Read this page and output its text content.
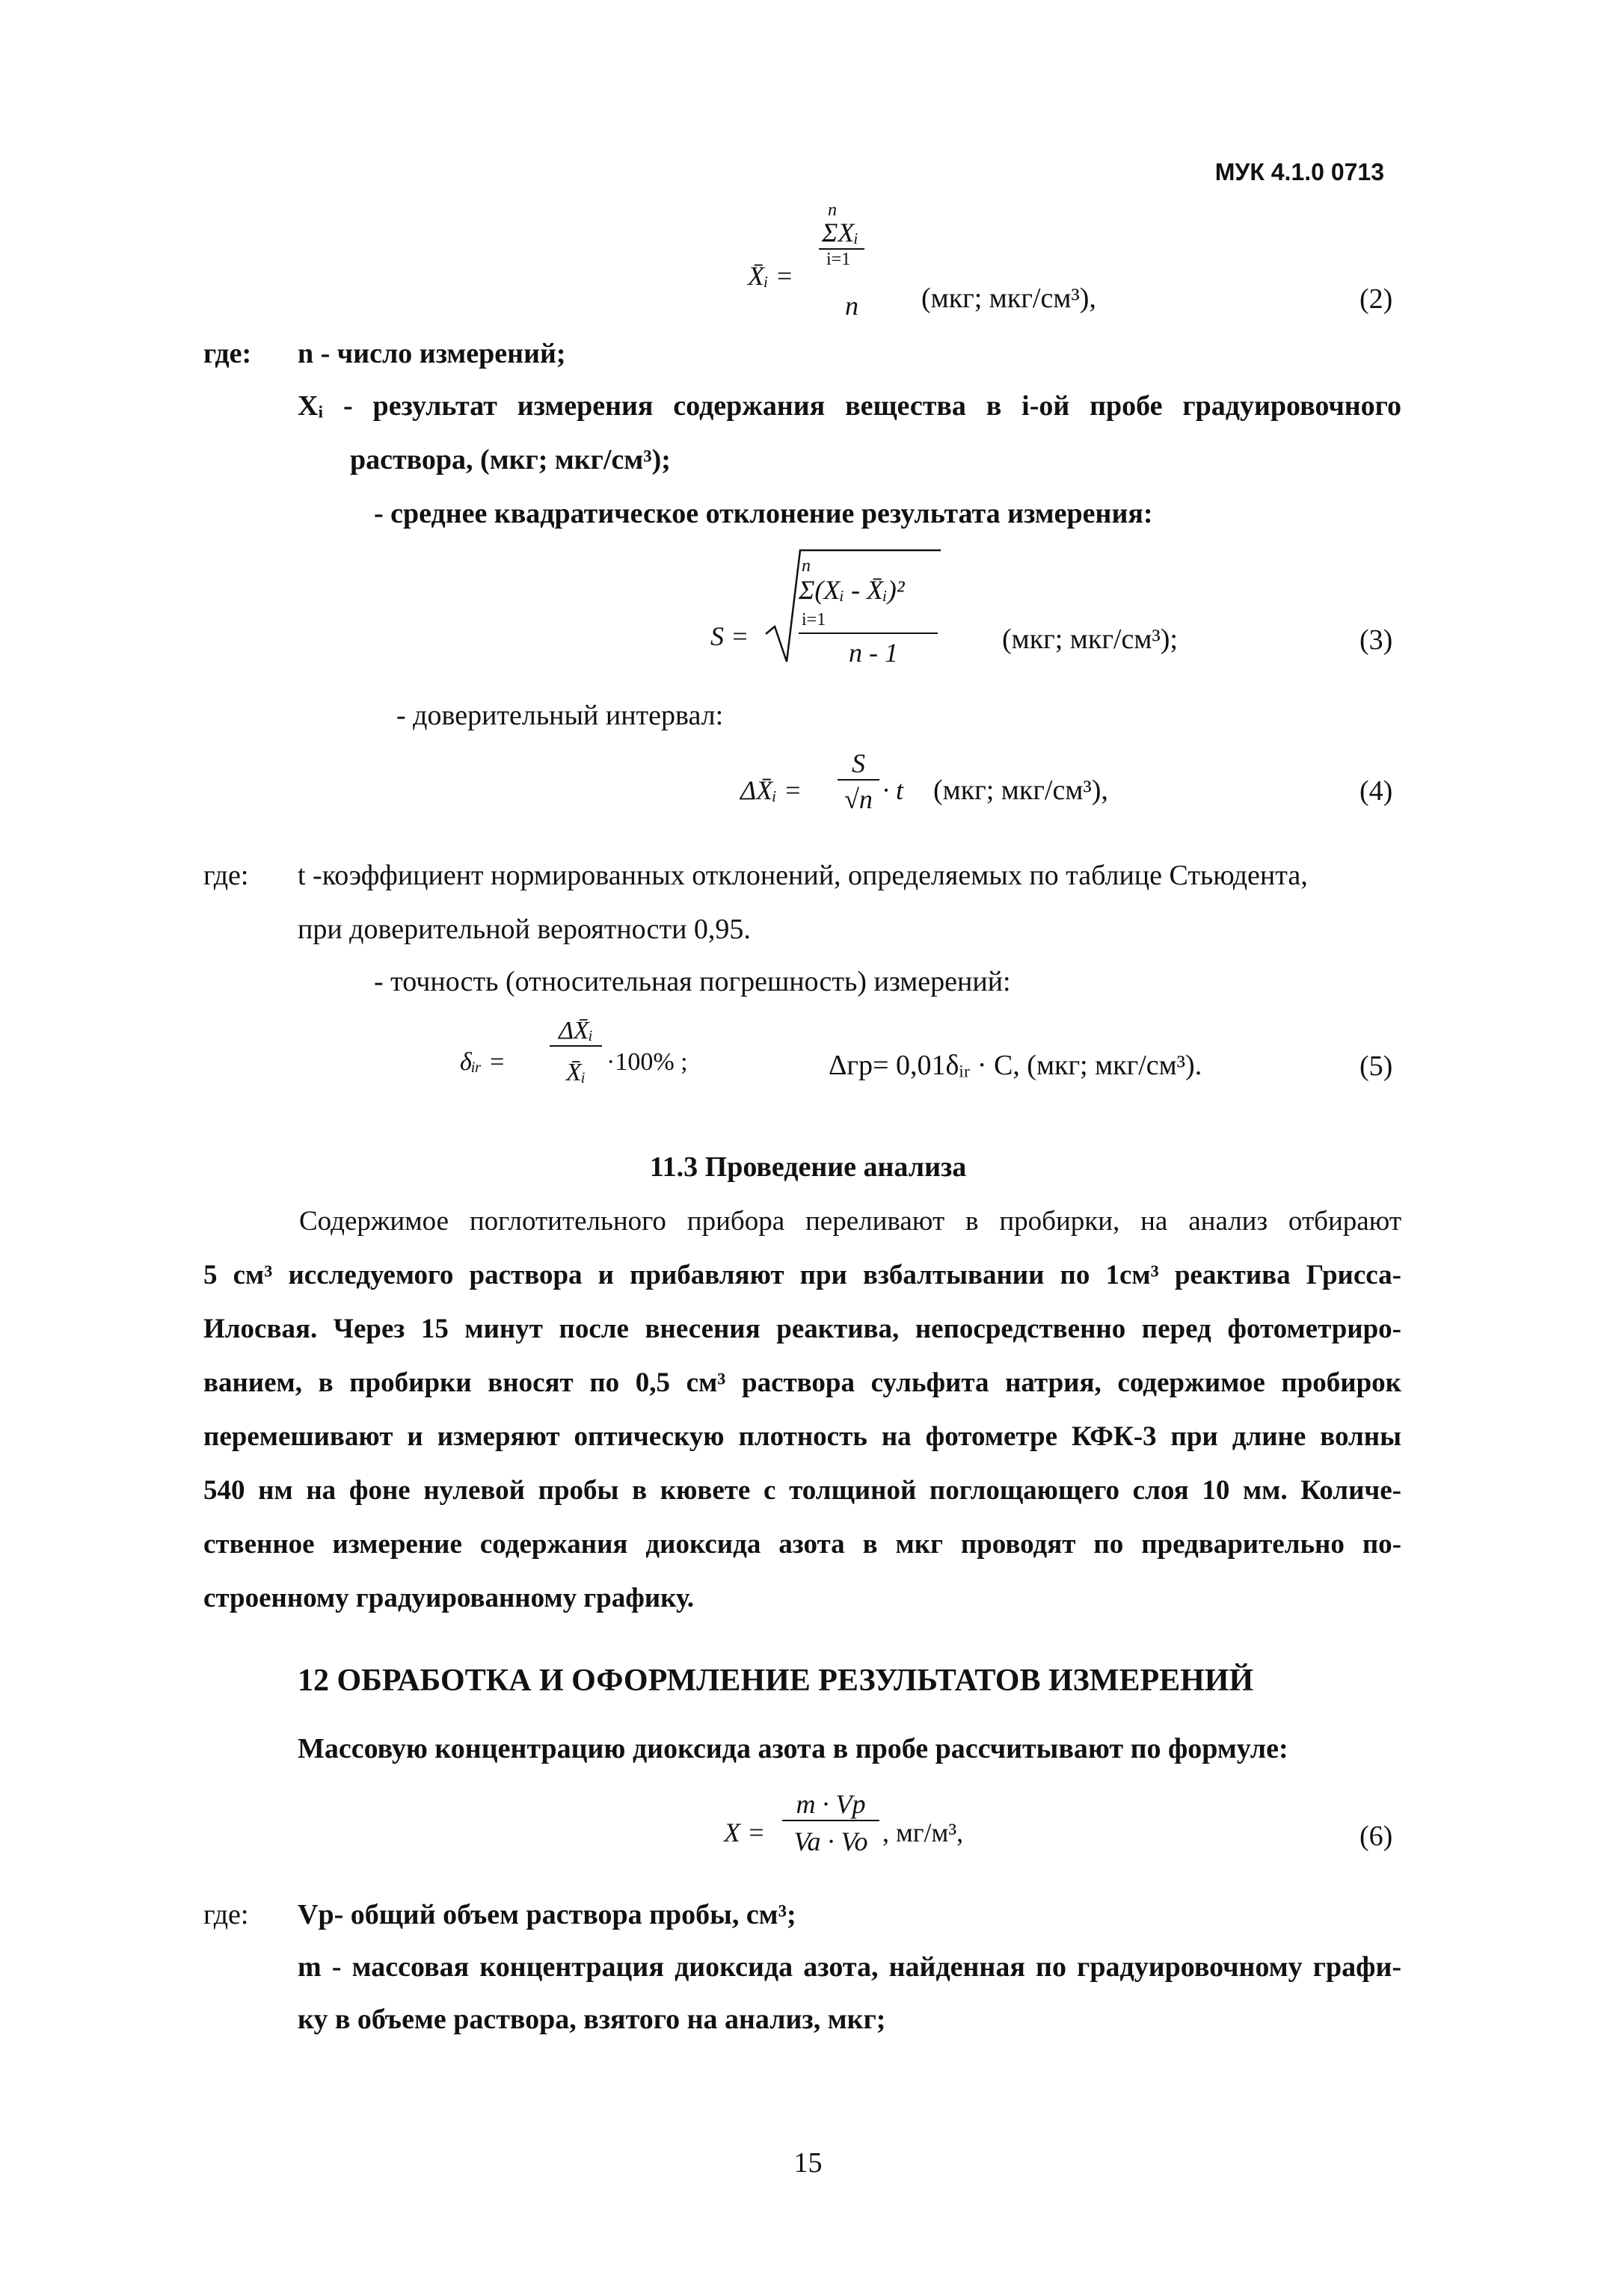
МУК 4.1.0 0713
X̄ᵢ =
n
ΣXᵢ
i=1
n (мкг; мкг/см³),	(2)
где: n - число измерений;
Xᵢ - результат измерения содержания вещества в i-ой пробе градуировочного
раствора, (мкг; мкг/см³);
- среднее квадратическое отклонение результата измерения:
S =
n
Σ(Xᵢ - X̄ᵢ)²
i=1
n - 1	(мкг; мкг/см³);	(3)
- доверительный интервал:
ΔX̄ᵢ =
S
√n · t (мкг; мкг/см³),	(4)
где: t -коэффициент нормированных отклонений, определяемых по таблице Стьюдента,
при доверительной вероятности 0,95.
- точность (относительная погрешность) измерений:
δᵢᵣ =
ΔX̄ᵢ
X̄ᵢ ·100% ;	Δгр= 0,01δᵢᵣ · C, (мкг; мкг/см³).	(5)
11.3 Проведение анализа
Содержимое поглотительного прибора переливают в пробирки, на анализ отбирают
5 см³ исследуемого раствора и прибавляют при взбалтывании по 1см³ реактива Грисса-
Илосвая. Через 15 минут после внесения реактива, непосредственно перед фотометриро-
ванием, в пробирки вносят по 0,5 см³ раствора сульфита натрия, содержимое пробирок
перемешивают и измеряют оптическую плотность на фотометре КФК-3 при длине волны
540 нм на фоне нулевой пробы в кювете с толщиной поглощающего слоя 10 мм. Количе-
ственное измерение содержания диоксида азота в мкг проводят по предварительно по-
строенному градуированному графику.
12 ОБРАБОТКА И ОФОРМЛЕНИЕ РЕЗУЛЬТАТОВ ИЗМЕРЕНИЙ
Массовую концентрацию диоксида азота в пробе рассчитывают по формуле:
X =
m · Vp
Va · Vo , мг/м³,	(6)
где: Vр- общий объем раствора пробы, см³;
m - массовая концентрация диоксида азота, найденная по градуировочному графи-
ку в объеме раствора, взятого на анализ, мкг;
15
